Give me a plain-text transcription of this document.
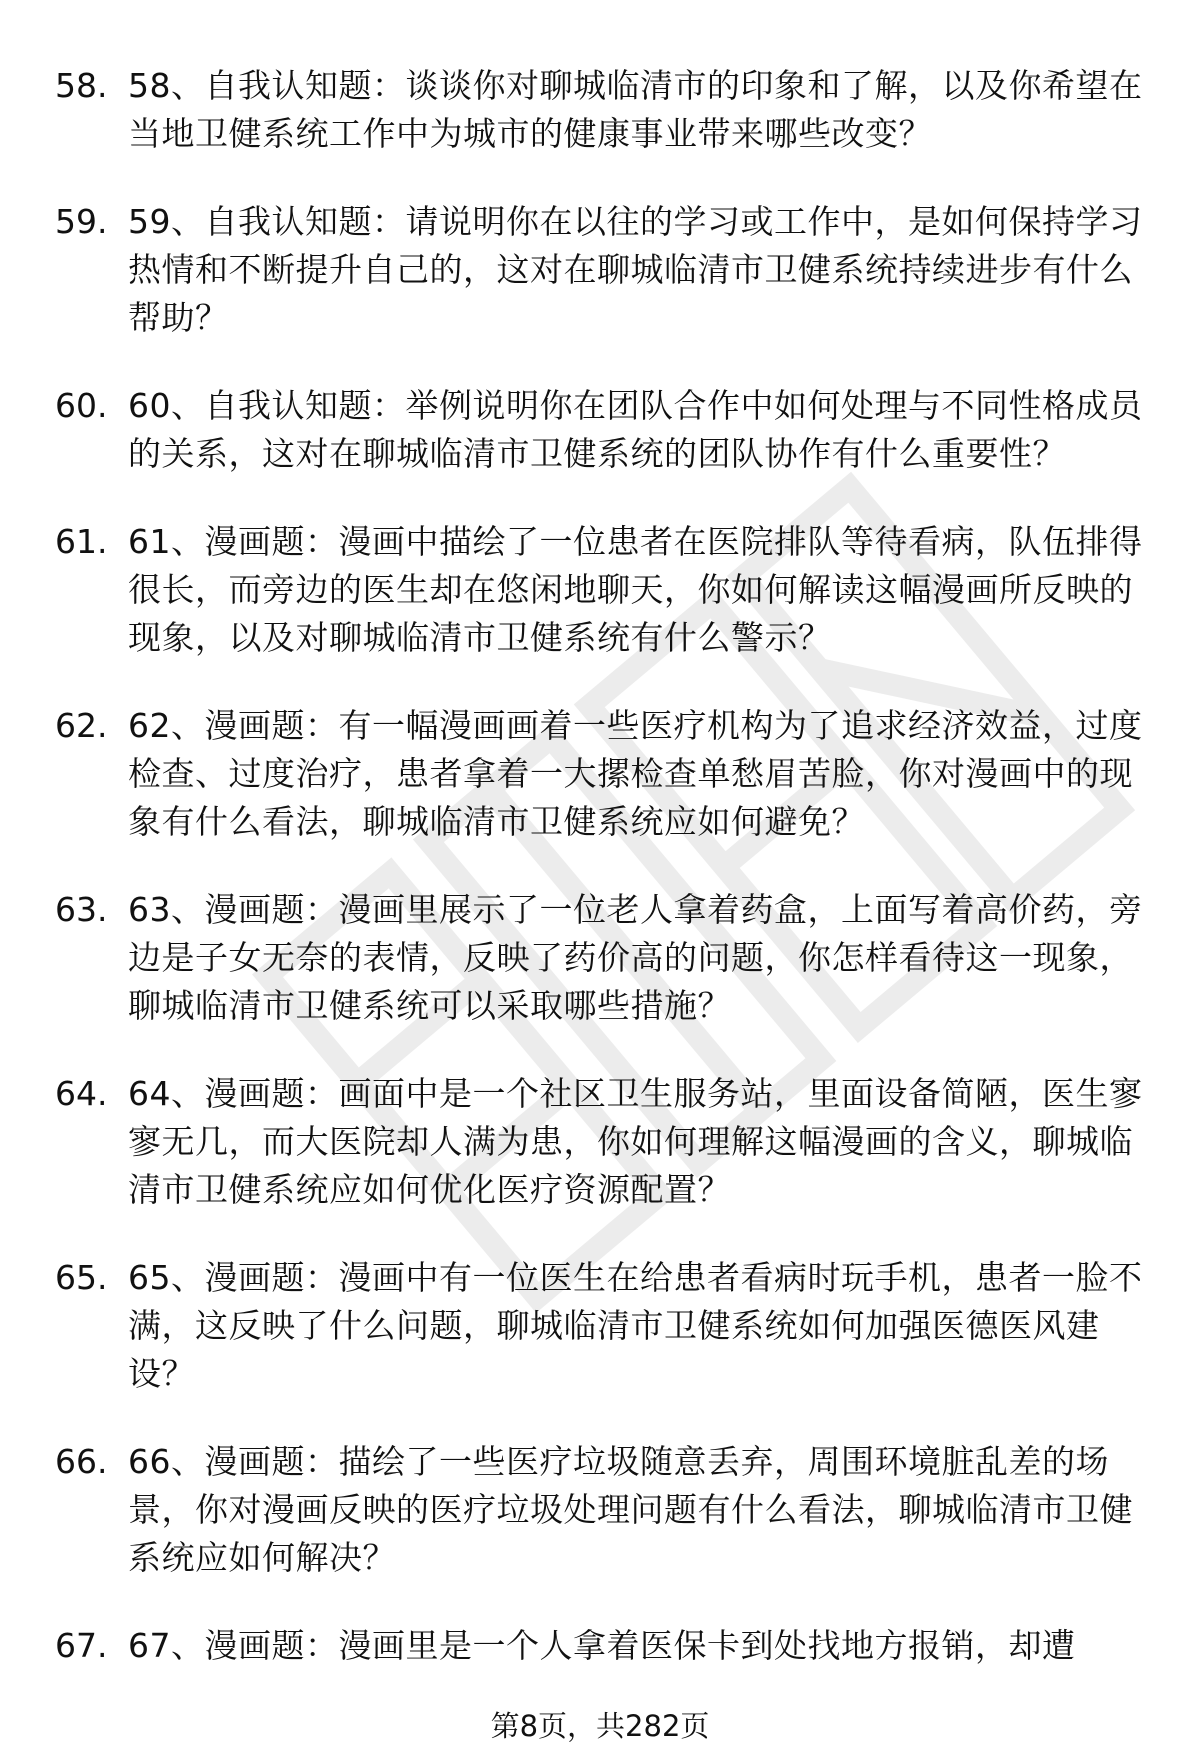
58. 58、自我认知题：谈谈你对聊城临清市的印象和了解，以及你希望在当地卫健系统工作中为城市的健康事业带来哪些改变？
59. 59、自我认知题：请说明你在以往的学习或工作中，是如何保持学习热情和不断提升自己的，这对在聊城临清市卫健系统持续进步有什么帮助？
60. 60、自我认知题：举例说明你在团队合作中如何处理与不同性格成员的关系，这对在聊城临清市卫健系统的团队协作有什么重要性？
61. 61、漫画题：漫画中描绘了一位患者在医院排队等待看病，队伍排得很长，而旁边的医生却在悠闲地聊天，你如何解读这幅漫画所反映的现象，以及对聊城临清市卫健系统有什么警示？
62. 62、漫画题：有一幅漫画画着一些医疗机构为了追求经济效益，过度检查、过度治疗，患者拿着一大摞检查单愁眉苦脸，你对漫画中的现象有什么看法，聊城临清市卫健系统应如何避免？
63. 63、漫画题：漫画里展示了一位老人拿着药盒，上面写着高价药，旁边是子女无奈的表情，反映了药价高的问题，你怎样看待这一现象，聊城临清市卫健系统可以采取哪些措施？
64. 64、漫画题：画面中是一个社区卫生服务站，里面设备简陋，医生寥寥无几，而大医院却人满为患，你如何理解这幅漫画的含义，聊城临清市卫健系统应如何优化医疗资源配置？
65. 65、漫画题：漫画中有一位医生在给患者看病时玩手机，患者一脸不满，这反映了什么问题，聊城临清市卫健系统如何加强医德医风建设？
66. 66、漫画题：描绘了一些医疗垃圾随意丢弃，周围环境脏乱差的场景，你对漫画反映的医疗垃圾处理问题有什么看法，聊城临清市卫健系统应如何解决？
67. 67、漫画题：漫画里是一个人拿着医保卡到处找地方报销，却遭
第8页，共282页
